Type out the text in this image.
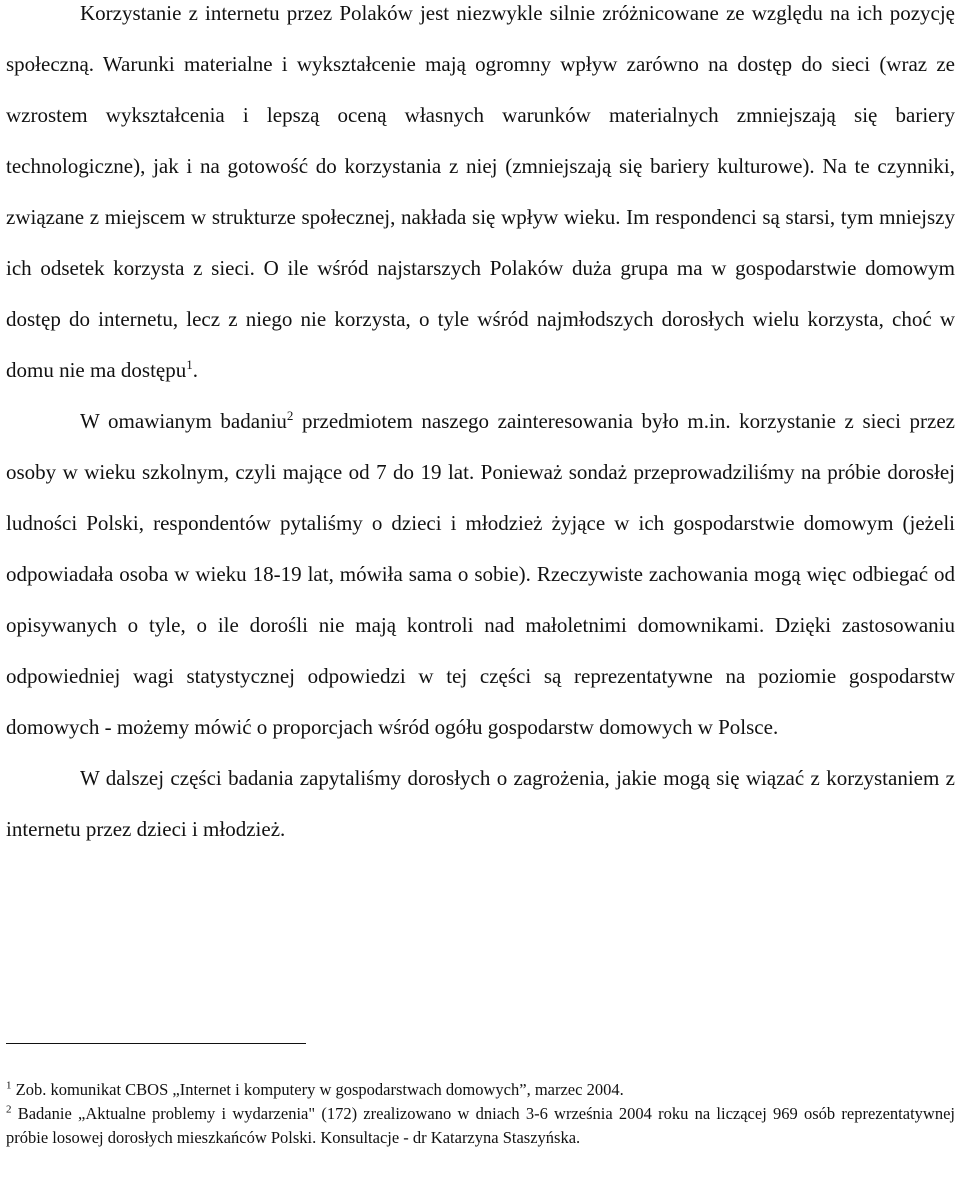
Korzystanie z internetu przez Polaków jest niezwykle silnie zróżnicowane ze względu na ich pozycję społeczną. Warunki materialne i wykształcenie mają ogromny wpływ zarówno na dostęp do sieci (wraz ze wzrostem wykształcenia i lepszą oceną własnych warunków materialnych zmniejszają się bariery technologiczne), jak i na gotowość do korzystania z niej (zmniejszają się bariery kulturowe). Na te czynniki, związane z miejscem w strukturze społecznej, nakłada się wpływ wieku. Im respondenci są starsi, tym mniejszy ich odsetek korzysta z sieci. O ile wśród najstarszych Polaków duża grupa ma w gospodarstwie domowym dostęp do internetu, lecz z niego nie korzysta, o tyle wśród najmłodszych dorosłych wielu korzysta, choć w domu nie ma dostępu$^1$.

W omawianym badaniu$^2$ przedmiotem naszego zainteresowania było m.in. korzystanie z sieci przez osoby w wieku szkolnym, czyli mające od 7 do 19 lat. Ponieważ sondaż przeprowadziliśmy na próbie dorosłej ludności Polski, respondentów pytaliśmy o dzieci i młodzież żyjące w ich gospodarstwie domowym (jeżeli odpowiadała osoba w wieku 18-19 lat, mówiła sama o sobie). Rzeczywiste zachowania mogą więc odbiegać od opisywanych o tyle, o ile dorośli nie mają kontroli nad małoletnimi domownikami. Dzięki zastosowaniu odpowiedniej wagi statystycznej odpowiedzi w tej części są reprezentatywne na poziomie gospodarstw domowych - możemy mówić o proporcjach wśród ogółu gospodarstw domowych w Polsce.

W dalszej części badania zapytaliśmy dorosłych o zagrożenia, jakie mogą się wiązać z korzystaniem z internetu przez dzieci i młodzież.

$^1$ Zob. komunikat CBOS „Internet i komputery w gospodarstwach domowych”, marzec 2004.

$^2$ Badanie „Aktualne problemy i wydarzenia" (172) zrealizowano w dniach 3-6 września 2004 roku na liczącej 969 osób reprezentatywnej próbie losowej dorosłych mieszkańców Polski. Konsultacje - dr Katarzyna Staszyńska.
